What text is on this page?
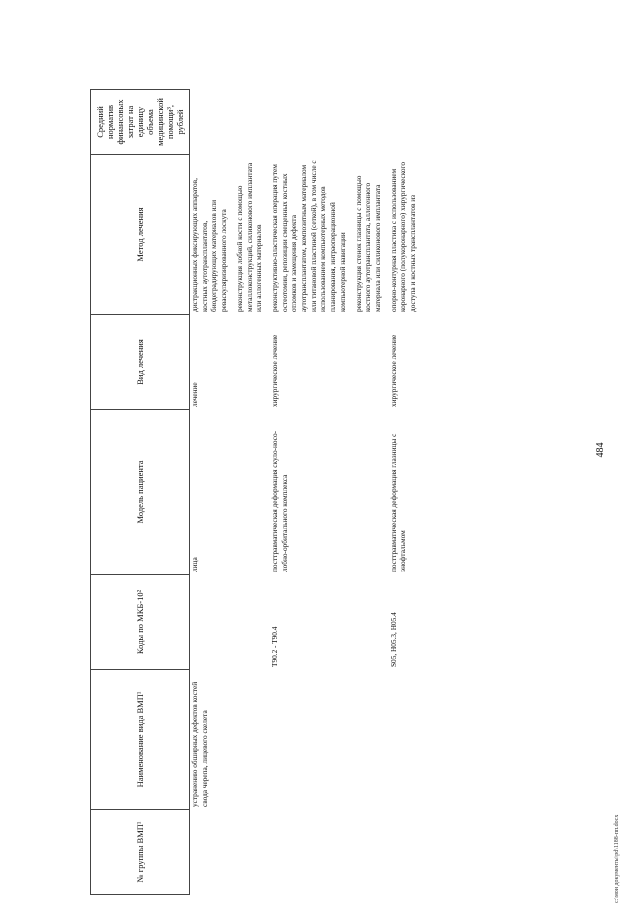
484
№ группы ВМП¹	Наименование вида ВМП¹	Коды по МКБ-10²	Модель пациента	Вид лечения	Метод лечения	Средний норматив финансовых затрат на единицу объема медицинской помощи³, рублей
	устранению обширных дефектов костей свода черепа, лицевого скелета		лица	лечение	дистракционных фиксирующих аппаратов, костных аутотрансплантатов, биодеградирующих материалов или реваскуляризированного лоскута реконструкция лобной кости с помощью металлоконструкций, силиконового имплантата или аллогенных материалов	

		T90.2 - T90.4	посттравматическая деформация скуло-носо-лобно-орбитального комплекса	хирургическое лечение	реконструктивно-пластическая операция путем остеотомии, репозиции смещенных костных отломков и замещения дефекта аутотрансплантатом, композитным материалом или титановой пластиной (сеткой), в том числе с использованием компьютерных методов планирования, интраоперационной компьютерной навигации реконструкция стенок глазницы с помощью костного аутотрансплантата, аллогенного материала или силиконового имплантата	

		S05, H05.3, H05.4	посттравматическая деформация глазницы с энофтальмом	хирургическое лечение	опорно-контурная пластика с использованием коронарного (полукоронарного) хирургического доступа и костных трансплантатов из	

c:\мои документы\pd\1188-пп.docx
